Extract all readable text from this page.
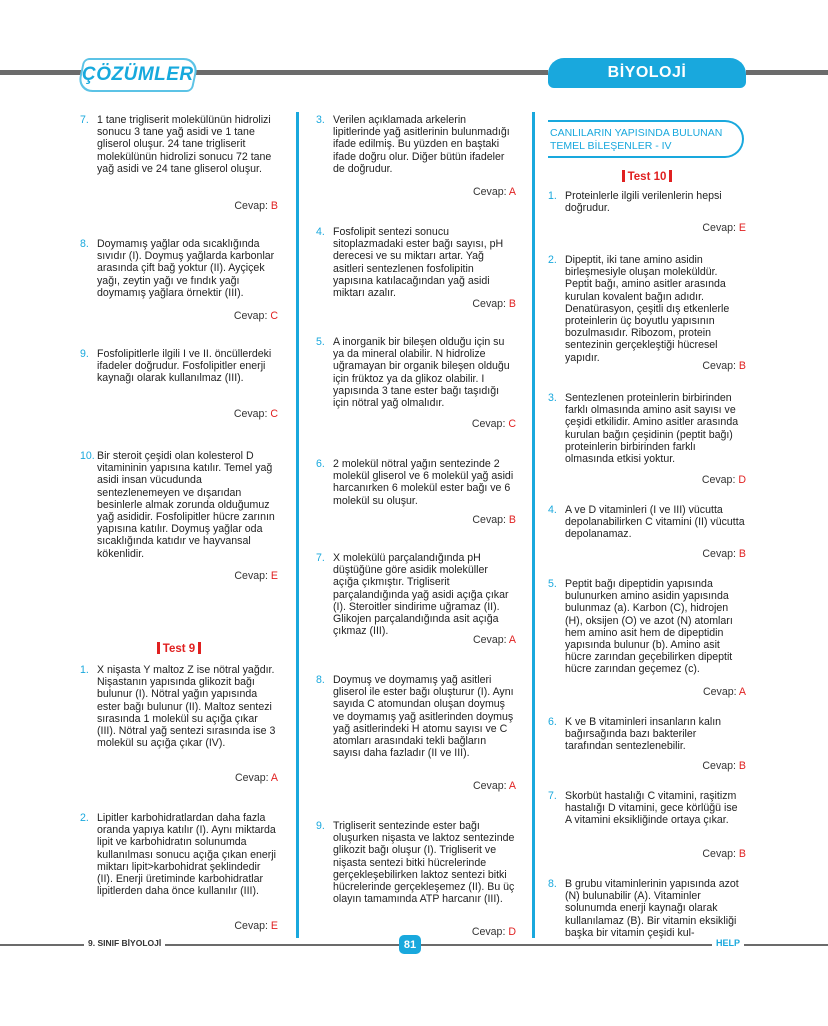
ÇÖZÜMLER	BİYOLOJİ
7. 1 tane trigliserit molekülünün hidrolizi sonucu 3 tane yağ asidi ve 1 tane gliserol oluşur. 24 tane trigliserit molekülünün hidrolizi sonucu 72 tane yağ asidi ve 24 tane gliserol oluşur.
Cevap: B
8. Doymamış yağlar oda sıcaklığında sıvıdır (I). Doymuş yağlarda karbonlar arasında çift bağ yoktur (II). Ayçiçek yağı, zeytin yağı ve fındık yağı doymamış yağlara örnektir (III).
Cevap: C
9. Fosfolipitlerle ilgili I ve II. öncüllerdeki ifadeler doğrudur. Fosfolipitler enerji kaynağı olarak kullanılmaz (III).
Cevap: C
10. Bir steroit çeşidi olan kolesterol D vitamininin yapısına katılır. Temel yağ asidi insan vücudunda sentezlenemeyen ve dışarıdan besinlerle almak zorunda olduğumuz yağ asididir. Fosfolipitler hücre zarının yapısına katılır. Doymuş yağlar oda sıcaklığında katıdır ve hayvansal kökenlidir.
Cevap: E
Test 9
1. X nişasta Y maltoz Z ise nötral yağdır. Nişastanın yapısında glikozit bağı bulunur (I). Nötral yağın yapısında ester bağı bulunur (II). Maltoz sentezi sırasında 1 molekül su açığa çıkar (III). Nötral yağ sentezi sırasında ise 3 molekül su açığa çıkar (IV).
Cevap: A
2. Lipitler karbohidratlardan daha fazla oranda yapıya katılır (I). Aynı miktarda lipit ve karbohidratın solunumda kullanılması sonucu açığa çıkan enerji miktarı lipit>karbohidrat şeklindedir (II). Enerji üretiminde karbohidratlar lipitlerden daha önce kullanılır (III).
Cevap: E
3. Verilen açıklamada arkelerin lipitlerinde yağ asitlerinin bulunmadığı ifade edilmiş. Bu yüzden en baştaki ifade doğru olur. Diğer bütün ifadeler de doğrudur.
Cevap: A
4. Fosfolipit sentezi sonucu sitoplazmadaki ester bağı sayısı, pH derecesi ve su miktarı artar. Yağ asitleri sentezlenen fosfolipitin yapısına katılacağından yağ asidi miktarı azalır.
Cevap: B
5. A inorganik bir bileşen olduğu için su ya da mineral olabilir. N hidrolize uğramayan bir organik bileşen olduğu için früktoz ya da glikoz olabilir. I yapısında 3 tane ester bağı taşıdığı için nötral yağ olmalıdır.
Cevap: C
6. 2 molekül nötral yağın sentezinde 2 molekül gliserol ve 6 molekül yağ asidi harcanırken 6 molekül ester bağı ve 6 molekül su oluşur.
Cevap: B
7. X molekülü parçalandığında pH düştüğüne göre asidik moleküller açığa çıkmıştır. Trigliserit parçalandığında yağ asidi açığa çıkar (I). Steroitler sindirime uğramaz (II). Glikojen parçalandığında asit açığa çıkmaz (III).
Cevap: A
8. Doymuş ve doymamış yağ asitleri gliserol ile ester bağı oluşturur (I). Aynı sayıda C atomundan oluşan doymuş ve doymamış yağ asitlerinden doymuş yağ asitlerindeki H atomu sayısı ve C atomları arasındaki tekli bağların sayısı daha fazladır (II ve III).
Cevap: A
9. Trigliserit sentezinde ester bağı oluşurken nişasta ve laktoz sentezinde glikozit bağı oluşur (I). Trigliserit ve nişasta sentezi bitki hücrelerinde gerçekleşebilirken laktoz sentezi bitki hücrelerinde gerçekleşemez (II). Bu üç olayın tamamında ATP harcanır (III).
Cevap: D
CANLILARIN YAPISINDA BULUNAN TEMEL BİLEŞENLER - IV
Test 10
1. Proteinlerle ilgili verilenlerin hepsi doğrudur.
Cevap: E
2. Dipeptit, iki tane amino asidin birleşmesiyle oluşan moleküldür. Peptit bağı, amino asitler arasında kurulan kovalent bağın adıdır. Denatürasyon, çeşitli dış etkenlerle proteinlerin üç boyutlu yapısının bozulmasıdır. Ribozom, protein sentezinin gerçekleştiği hücresel yapıdır.
Cevap: B
3. Sentezlenen proteinlerin birbirinden farklı olmasında amino asit sayısı ve çeşidi etkilidir. Amino asitler arasında kurulan bağın çeşidinin (peptit bağı) proteinlerin birbirinden farklı olmasında etkisi yoktur.
Cevap: D
4. A ve D vitaminleri (I ve III) vücutta depolanabilirken C vitamini (II) vücutta depolanamaz.
Cevap: B
5. Peptit bağı dipeptidin yapısında bulunurken amino asidin yapısında bulunmaz (a). Karbon (C), hidrojen (H), oksijen (O) ve azot (N) atomları hem amino asit hem de dipeptidin yapısında bulunur (b). Amino asit hücre zarından geçebilirken dipeptit hücre zarından geçemez (c).
Cevap: A
6. K ve B vitaminleri insanların kalın bağırsağında bazı bakteriler tarafından sentezlenebilir.
Cevap: B
7. Skorbüt hastalığı C vitamini, raşitizm hastalığı D vitamini, gece körlüğü ise A vitamini eksikliğinde ortaya çıkar.
Cevap: B
8. B grubu vitaminlerinin yapısında azot (N) bulunabilir (A). Vitaminler solunumda enerji kaynağı olarak kullanılamaz (B). Bir vitamin eksikliği başka bir vitamin çeşidi kul-
9. SINIF BİYOLOJİ	81	HELP
